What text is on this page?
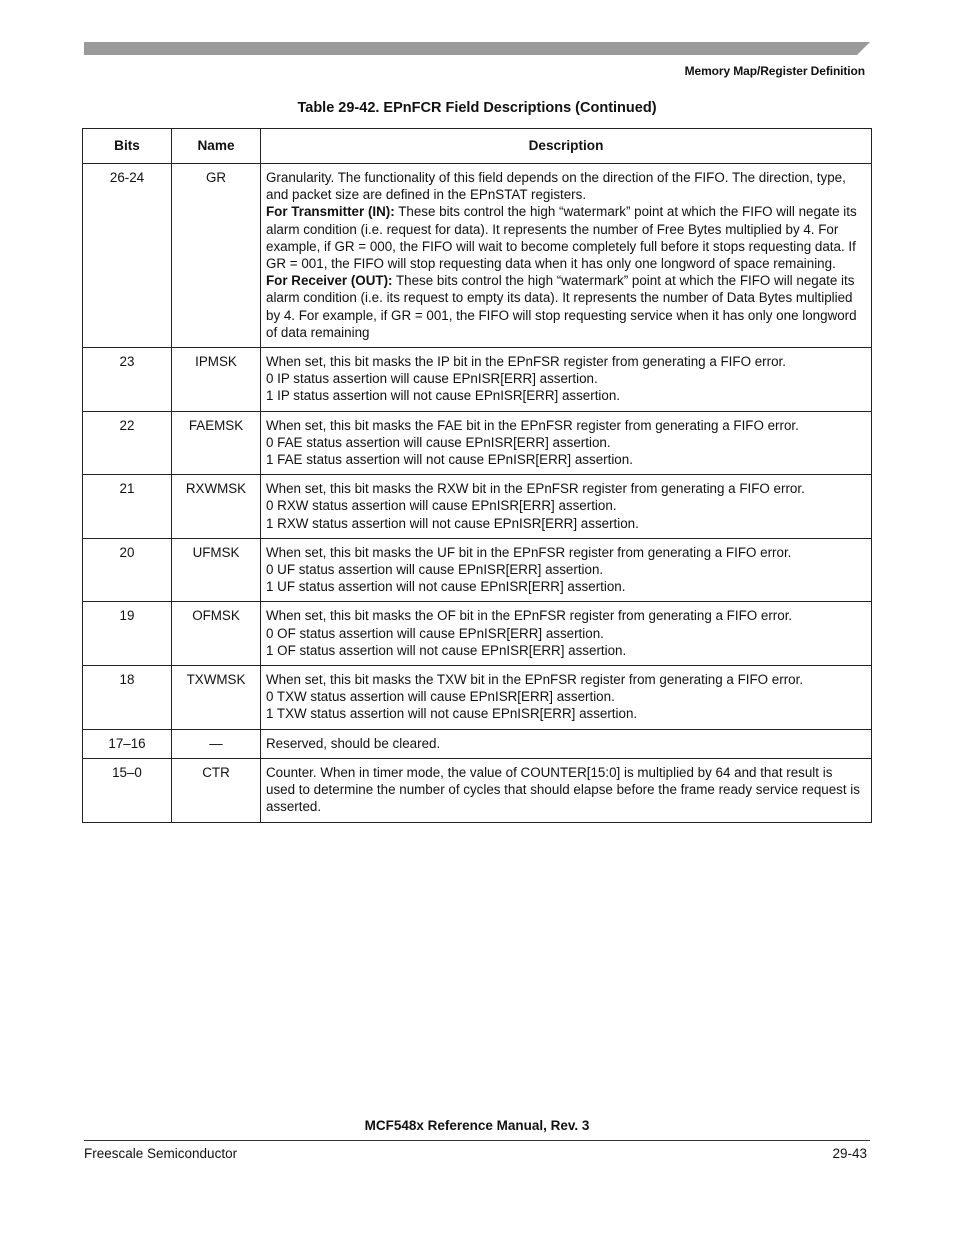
Memory Map/Register Definition
Table 29-42. EPnFCR Field Descriptions (Continued)
Bits	Name	Description
26-24	GR	Granularity. The functionality of this field depends on the direction of the FIFO. The direction, type, and packet size are defined in the EPnSTAT registers.
For Transmitter (IN): These bits control the high “watermark” point at which the FIFO will negate its alarm condition (i.e. request for data). It represents the number of Free Bytes multiplied by 4. For example, if GR = 000, the FIFO will wait to become completely full before it stops requesting data. If GR = 001, the FIFO will stop requesting data when it has only one longword of space remaining.
For Receiver (OUT): These bits control the high “watermark” point at which the FIFO will negate its alarm condition (i.e. its request to empty its data). It represents the number of Data Bytes multiplied by 4. For example, if GR = 001, the FIFO will stop requesting service when it has only one longword of data remaining

23	IPMSK	When set, this bit masks the IP bit in the EPnFSR register from generating a FIFO error.
0 IP status assertion will cause EPnISR[ERR] assertion.
1 IP status assertion will not cause EPnISR[ERR] assertion.

22	FAEMSK	When set, this bit masks the FAE bit in the EPnFSR register from generating a FIFO error.
0 FAE status assertion will cause EPnISR[ERR] assertion.
1 FAE status assertion will not cause EPnISR[ERR] assertion.

21	RXWMSK	When set, this bit masks the RXW bit in the EPnFSR register from generating a FIFO error.
0 RXW status assertion will cause EPnISR[ERR] assertion.
1 RXW status assertion will not cause EPnISR[ERR] assertion.

20	UFMSK	When set, this bit masks the UF bit in the EPnFSR register from generating a FIFO error.
0 UF status assertion will cause EPnISR[ERR] assertion.
1 UF status assertion will not cause EPnISR[ERR] assertion.

19	OFMSK	When set, this bit masks the OF bit in the EPnFSR register from generating a FIFO error.
0 OF status assertion will cause EPnISR[ERR] assertion.
1 OF status assertion will not cause EPnISR[ERR] assertion.

18	TXWMSK	When set, this bit masks the TXW bit in the EPnFSR register from generating a FIFO error.
0 TXW status assertion will cause EPnISR[ERR] assertion.
1 TXW status assertion will not cause EPnISR[ERR] assertion.

17–16	—	Reserved, should be cleared.
15–0	CTR	Counter. When in timer mode, the value of COUNTER[15:0] is multiplied by 64 and that result is used to determine the number of cycles that should elapse before the frame ready service request is asserted.
MCF548x Reference Manual, Rev. 3
Freescale Semiconductor	29-43
